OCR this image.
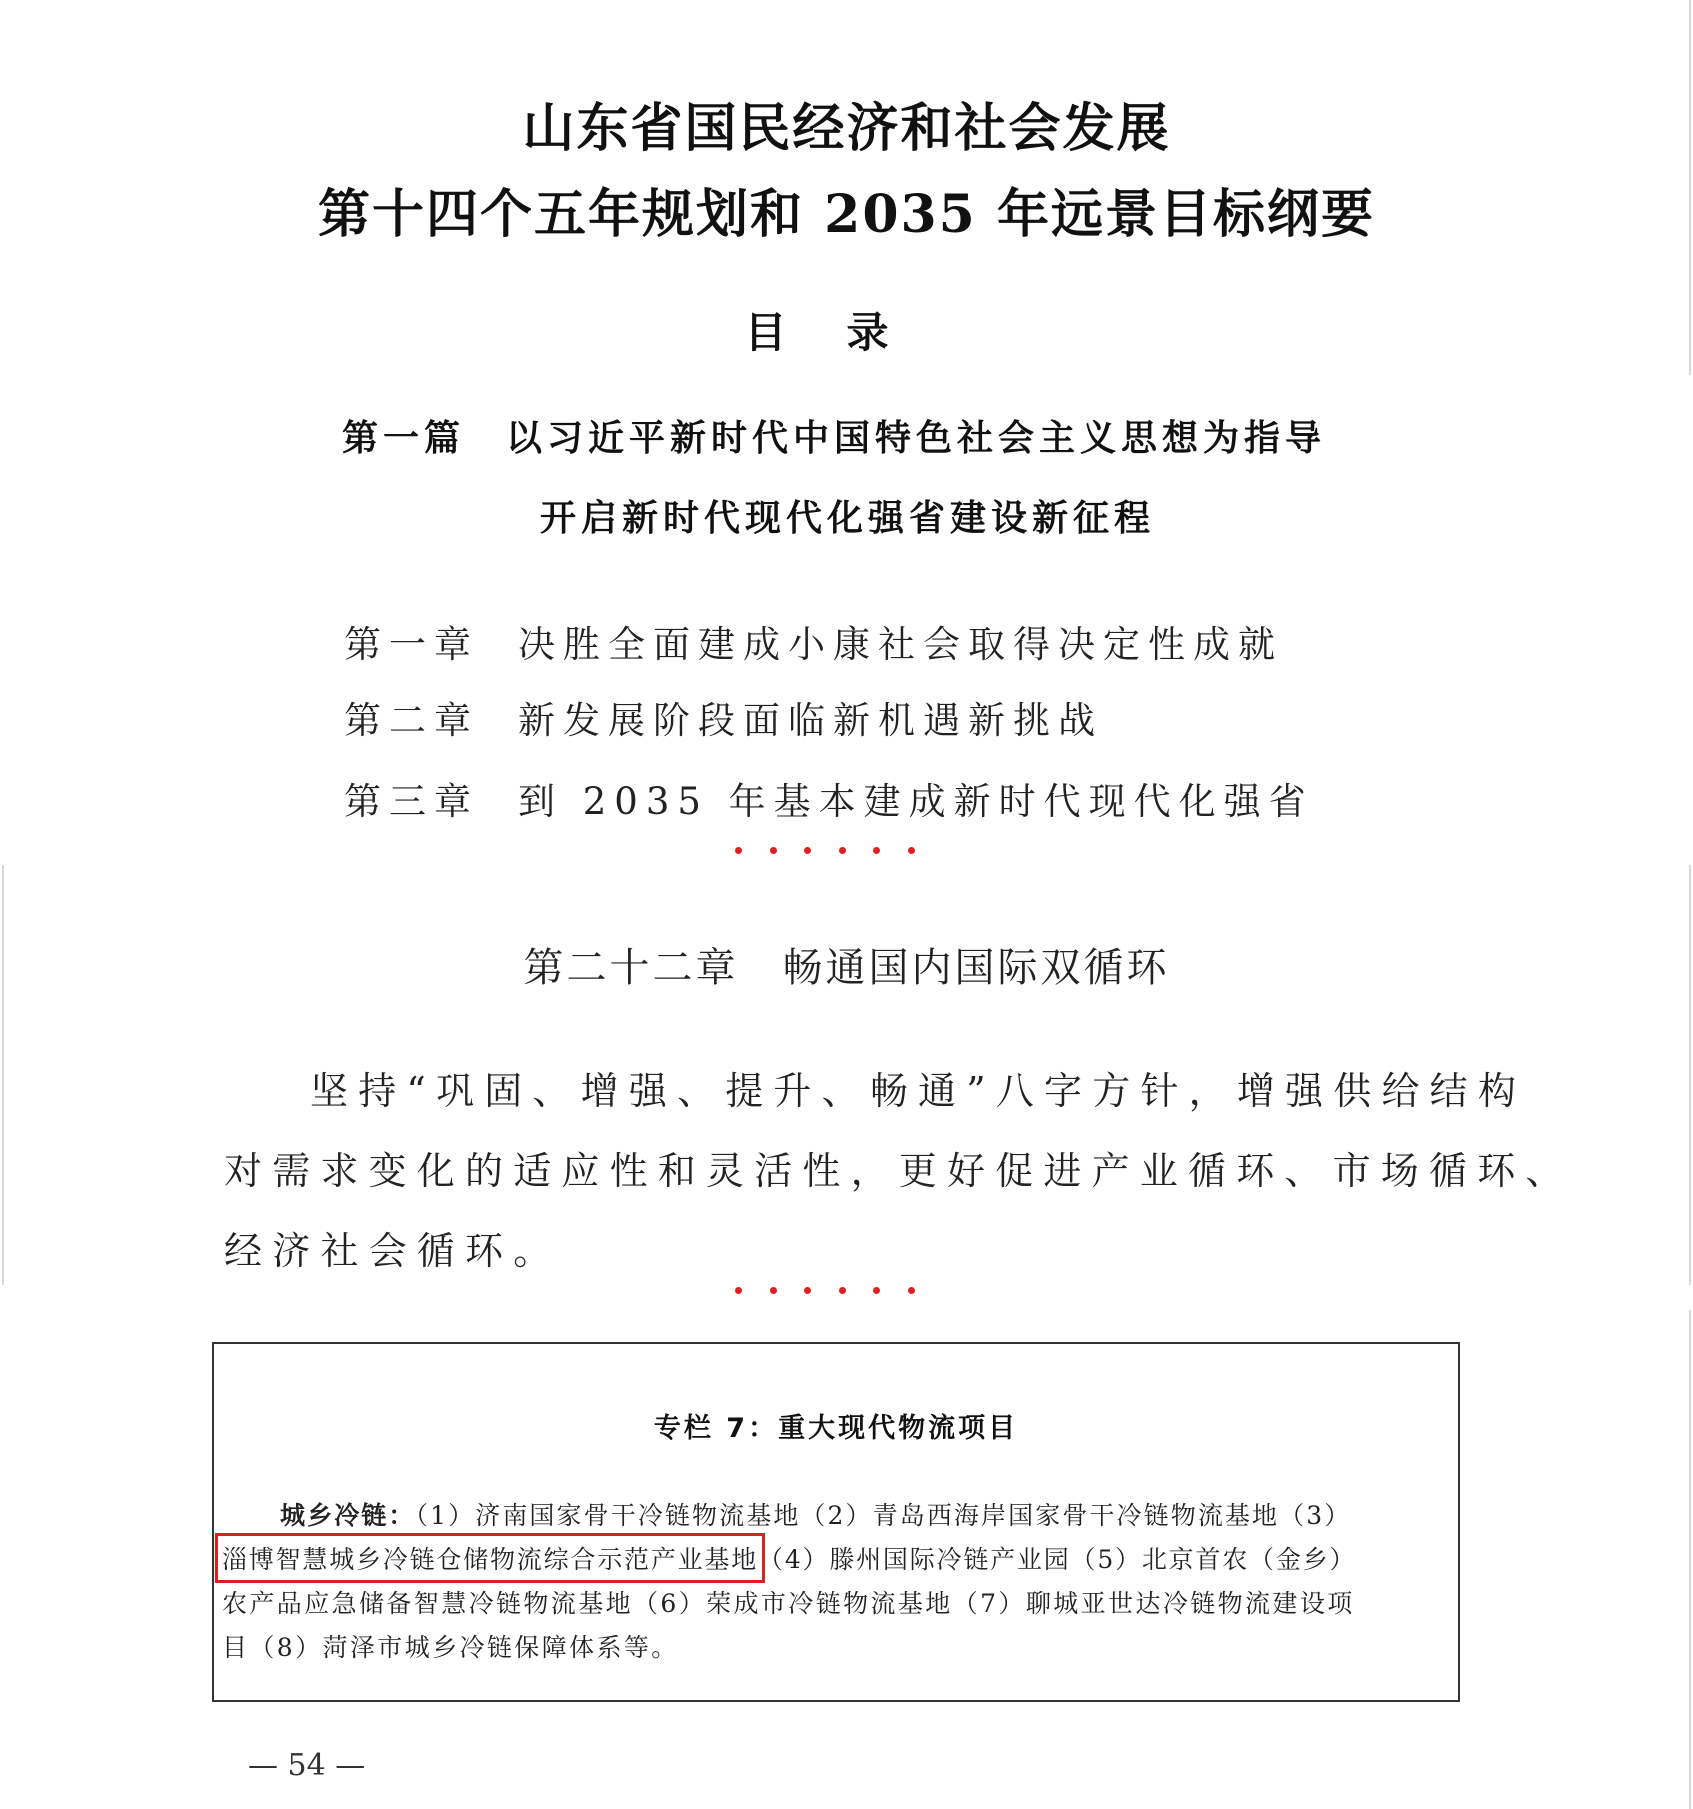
山东省国民经济和社会发展
第十四个五年规划和 2035 年远景目标纲要
目录
第一篇　以习近平新时代中国特色社会主义思想为指导
开启新时代现代化强省建设新征程
第一章 决胜全面建成小康社会取得决定性成就
第二章 新发展阶段面临新机遇新挑战
第三章 到 2035 年基本建成新时代现代化强省
第二十二章 畅通国内国际双循环
坚持“巩固、增强、提升、畅通”八字方针，增强供给结构
对需求变化的适应性和灵活性，更好促进产业循环、市场循环、
经济社会循环。
专栏 7：重大现代物流项目
城乡冷链：（1）济南国家骨干冷链物流基地（2）青岛西海岸国家骨干冷链物流基地（3）
淄博智慧城乡冷链仓储物流综合示范产业基地（4）滕州国际冷链产业园（5）北京首农（金乡）
农产品应急储备智慧冷链物流基地（6）荣成市冷链物流基地（7）聊城亚世达冷链物流建设项
目（8）菏泽市城乡冷链保障体系等。
— 54 —
